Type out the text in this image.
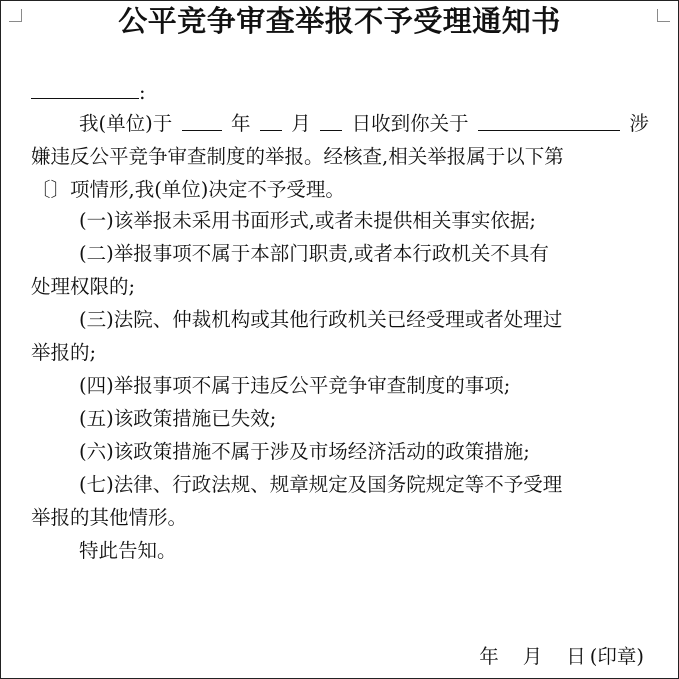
公平竞争审查举报不予受理通知书
:
我(单位)于	年 月 日收到你关于	涉
嫌违反公平竞争审查制度的举报。经核查,相关举报属于以下第
〔〕项情形,我(单位)决定不予受理。
(一)该举报未采用书面形式,或者未提供相关事实依据;
(二)举报事项不属于本部门职责,或者本行政机关不具有
处理权限的;
(三)法院、仲裁机构或其他行政机关已经受理或者处理过
举报的;
(四)举报事项不属于违反公平竞争审查制度的事项;
(五)该政策措施已失效;
(六)该政策措施不属于涉及市场经济活动的政策措施;
(七)法律、行政法规、规章规定及国务院规定等不予受理
举报的其他情形。
特此告知。
年 月 日 (印章)
